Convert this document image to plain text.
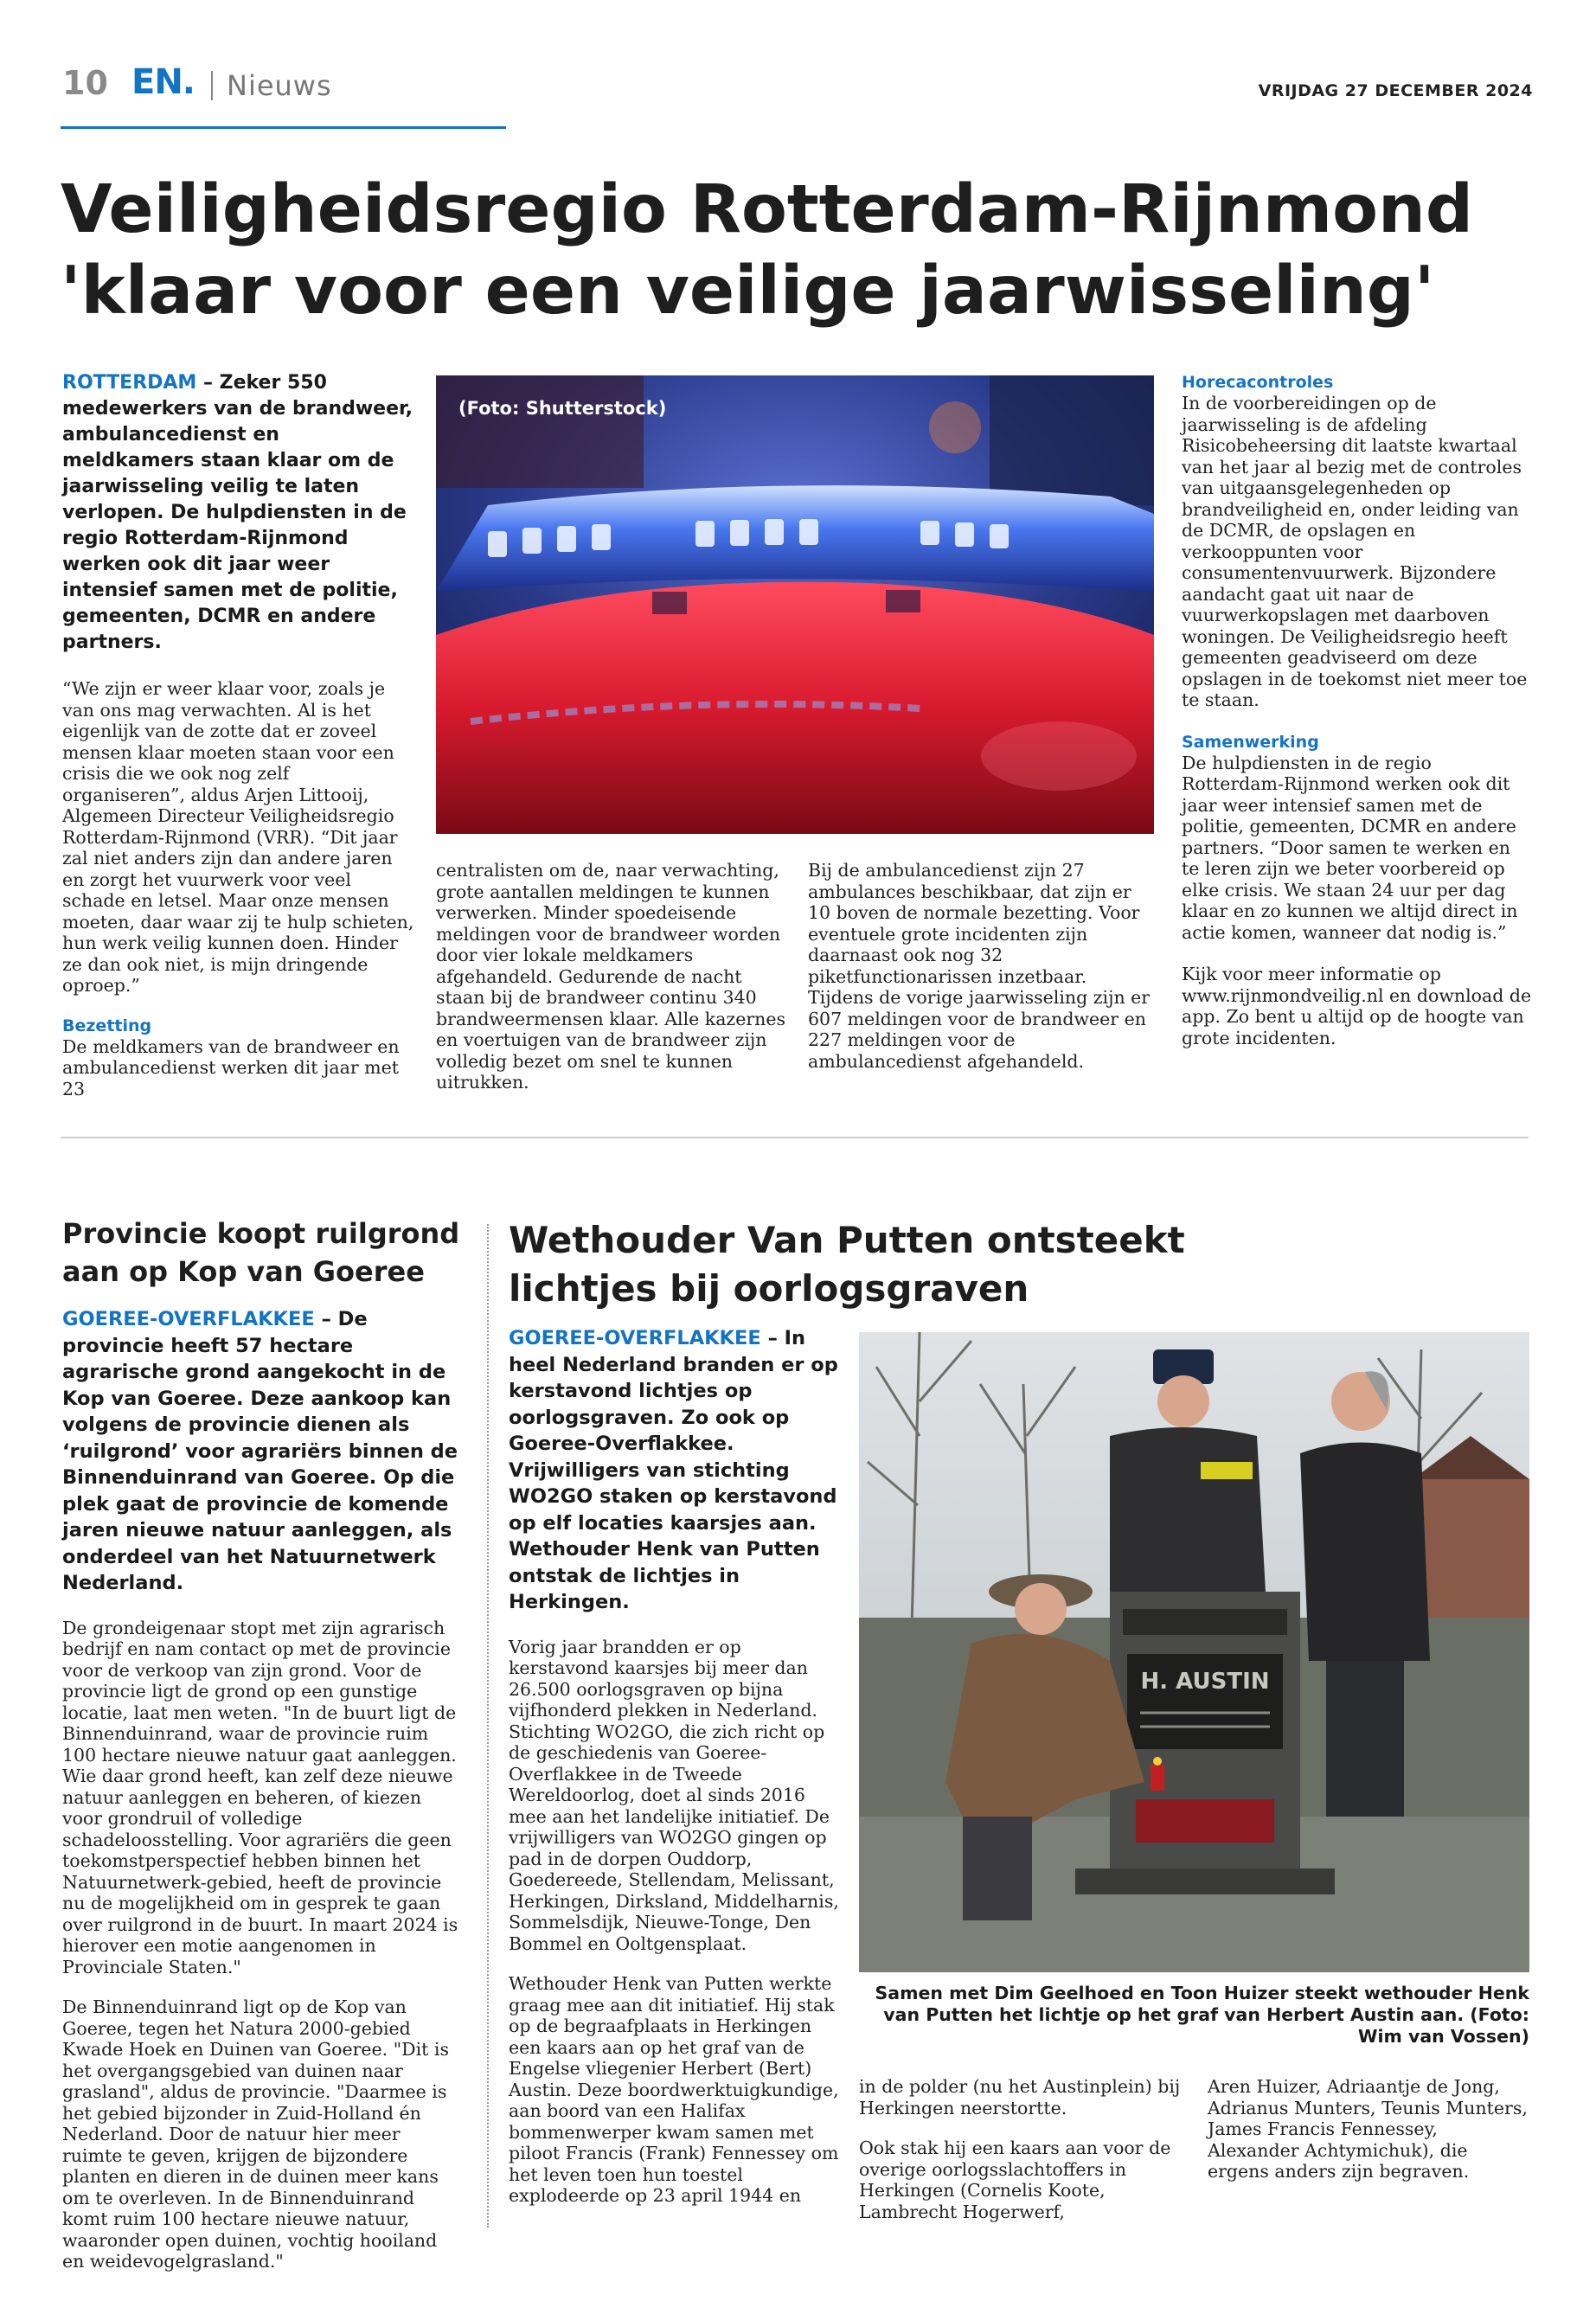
10 EN. Nieuws	VRIJDAG 27 DECEMBER 2024
Veiligheidsregio Rotterdam-Rijnmond
'klaar voor een veilige jaarwisseling'

ROTTERDAM – Zeker 550 medewerkers van de brandweer, ambulancedienst en meldkamers staan klaar om de jaarwisseling veilig te laten verlopen. De hulpdiensten in de regio Rotterdam-Rijnmond werken ook dit jaar weer intensief samen met de politie, gemeenten, DCMR en andere partners.

“We zijn er weer klaar voor, zoals je van ons mag verwachten. Al is het eigenlijk van de zotte dat er zoveel mensen klaar moeten staan voor een crisis die we ook nog zelf organiseren”, aldus Arjen Littooij, Algemeen Directeur Veiligheidsregio Rotterdam-Rijnmond (VRR). “Dit jaar zal niet anders zijn dan andere jaren en zorgt het vuurwerk voor veel schade en letsel. Maar onze mensen moeten, daar waar zij te hulp schieten, hun werk veilig kunnen doen. Hinder ze dan ook niet, is mijn dringende oproep.”

Bezetting

De meldkamers van de brandweer en ambulancedienst werken dit jaar met 23

(Foto: Shutterstock)
centralisten om de, naar verwachting, grote aantallen meldingen te kunnen verwerken. Minder spoedeisende meldingen voor de brandweer worden door vier lokale meldkamers afgehandeld. Gedurende de nacht staan bij de brandweer continu 340 brandweermensen klaar. Alle kazernes en voertuigen van de brandweer zijn volledig bezet om snel te kunnen uitrukken.
Bij de ambulancedienst zijn 27 ambulances beschikbaar, dat zijn er 10 boven de normale bezetting. Voor eventuele grote incidenten zijn daarnaast ook nog 32 piketfunctionarissen inzetbaar. Tijdens de vorige jaarwisseling zijn er 607 meldingen voor de brandweer en 227 meldingen voor de ambulancedienst afgehandeld.

Horecacontroles

In de voorbereidingen op de jaarwisseling is de afdeling Risicobeheersing dit laatste kwartaal van het jaar al bezig met de controles van uitgaansgelegenheden op brandveiligheid en, onder leiding van de DCMR, de opslagen en verkooppunten voor consumentenvuurwerk. Bijzondere aandacht gaat uit naar de vuurwerkopslagen met daarboven woningen. De Veiligheidsregio heeft gemeenten geadviseerd om deze opslagen in de toekomst niet meer toe te staan.

Samenwerking

De hulpdiensten in de regio Rotterdam-Rijnmond werken ook dit jaar weer intensief samen met de politie, gemeenten, DCMR en andere partners. “Door samen te werken en te leren zijn we beter voorbereid op elke crisis. We staan 24 uur per dag klaar en zo kunnen we altijd direct in actie komen, wanneer dat nodig is.”

Kijk voor meer informatie op www.rijnmondveilig.nl en download de app. Zo bent u altijd op de hoogte van grote incidenten.

Provincie koopt ruilgrond aan op Kop van Goeree

GOEREE-OVERFLAKKEE – De provincie heeft 57 hectare agrarische grond aangekocht in de Kop van Goeree. Deze aankoop kan volgens de provincie dienen als ‘ruilgrond’ voor agrariërs binnen de Binnenduinrand van Goeree. Op die plek gaat de provincie de komende jaren nieuwe natuur aanleggen, als onderdeel van het Natuurnetwerk Nederland.

De grondeigenaar stopt met zijn agrarisch bedrijf en nam contact op met de provincie voor de verkoop van zijn grond. Voor de provincie ligt de grond op een gunstige locatie, laat men weten. "In de buurt ligt de Binnenduinrand, waar de provincie ruim 100 hectare nieuwe natuur gaat aanleggen. Wie daar grond heeft, kan zelf deze nieuwe natuur aanleggen en beheren, of kiezen voor grondruil of volledige schadeloosstelling. Voor agrariërs die geen toekomstperspectief hebben binnen het Natuurnetwerk-gebied, heeft de provincie nu de mogelijkheid om in gesprek te gaan over ruilgrond in de buurt. In maart 2024 is hierover een motie aangenomen in Provinciale Staten."

De Binnenduinrand ligt op de Kop van Goeree, tegen het Natura 2000-gebied Kwade Hoek en Duinen van Goeree. "Dit is het overgangsgebied van duinen naar grasland", aldus de provincie. "Daarmee is het gebied bijzonder in Zuid-Holland én Nederland. Door de natuur hier meer ruimte te geven, krijgen de bijzondere planten en dieren in de duinen meer kans om te overleven. In de Binnenduinrand komt ruim 100 hectare nieuwe natuur, waaronder open duinen, vochtig hooiland en weidevogelgrasland."

Wethouder Van Putten ontsteekt
lichtjes bij oorlogsgraven

GOEREE-OVERFLAKKEE – In heel Nederland branden er op kerstavond lichtjes op oorlogsgraven. Zo ook op Goeree-Overflakkee. Vrijwilligers van stichting WO2GO staken op kerstavond op elf locaties kaarsjes aan. Wethouder Henk van Putten ontstak de lichtjes in Herkingen.

Vorig jaar brandden er op kerstavond kaarsjes bij meer dan 26.500 oorlogsgraven op bijna vijfhonderd plekken in Nederland. Stichting WO2GO, die zich richt op de geschiedenis van Goeree-Overflakkee in de Tweede Wereldoorlog, doet al sinds 2016 mee aan het landelijke initiatief. De vrijwilligers van WO2GO gingen op pad in de dorpen Ouddorp, Goedereede, Stellendam, Melissant, Herkingen, Dirksland, Middelharnis, Sommelsdijk, Nieuwe-Tonge, Den Bommel en Ooltgensplaat.

Wethouder Henk van Putten werkte graag mee aan dit initiatief. Hij stak op de begraafplaats in Herkingen een kaars aan op het graf van de Engelse vliegenier Herbert (Bert) Austin. Deze boordwerktuigkundige, aan boord van een Halifax bommenwerper kwam samen met piloot Francis (Frank) Fennessey om het leven toen hun toestel explodeerde op 23 april 1944 en

H. AUSTIN
Samen met Dim Geelhoed en Toon Huizer steekt wethouder Henk van Putten het lichtje op het graf van Herbert Austin aan. (Foto: Wim van Vossen)

in de polder (nu het Austinplein) bij Herkingen neerstortte.

Ook stak hij een kaars aan voor de overige oorlogsslachtoffers in Herkingen (Cornelis Koote, Lambrecht Hogerwerf,

Aren Huizer, Adriaantje de Jong, Adrianus Munters, Teunis Munters, James Francis Fennessey, Alexander Achtymichuk), die ergens anders zijn begraven.
